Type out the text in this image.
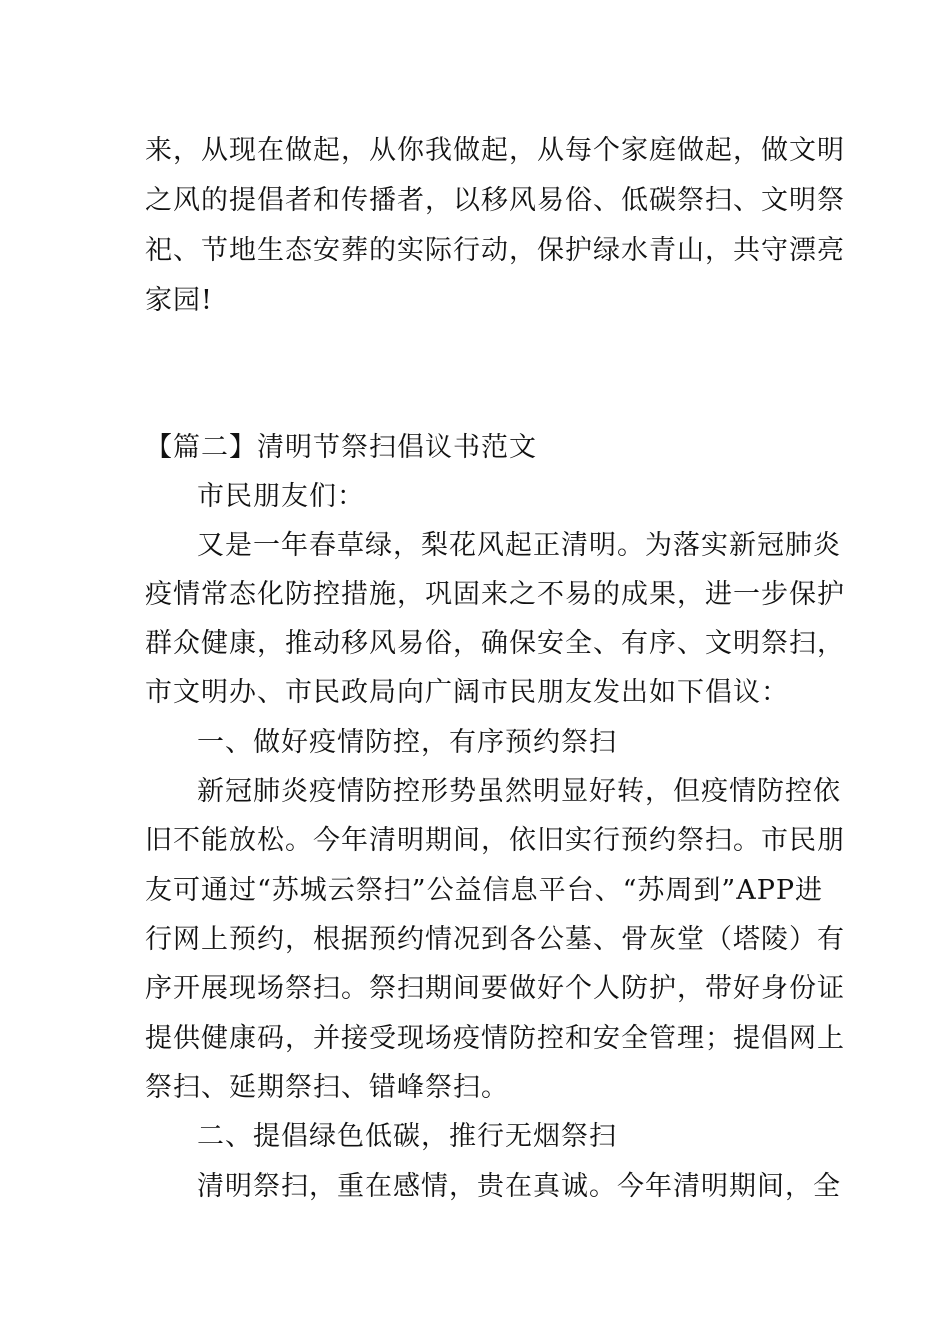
来，从现在做起，从你我做起，从每个家庭做起，做文明
之风的提倡者和传播者，以移风易俗、低碳祭扫、文明祭
祀、节地生态安葬的实际行动，保护绿水青山，共守漂亮
家园!
【篇二】清明节祭扫倡议书范文
市民朋友们：
又是一年春草绿，梨花风起正清明。为落实新冠肺炎
疫情常态化防控措施，巩固来之不易的成果，进一步保护
群众健康，推动移风易俗，确保安全、有序、文明祭扫，
市文明办、市民政局向广阔市民朋友发出如下倡议：
一、做好疫情防控，有序预约祭扫
新冠肺炎疫情防控形势虽然明显好转，但疫情防控依
旧不能放松。今年清明期间，依旧实行预约祭扫。市民朋
友可通过“苏城云祭扫”公益信息平台、“苏周到”APP进
行网上预约，根据预约情况到各公墓、骨灰堂（塔陵）有
序开展现场祭扫。祭扫期间要做好个人防护，带好身份证
提供健康码，并接受现场疫情防控和安全管理；提倡网上
祭扫、延期祭扫、错峰祭扫。
二、提倡绿色低碳，推行无烟祭扫
清明祭扫，重在感情，贵在真诚。今年清明期间，全
